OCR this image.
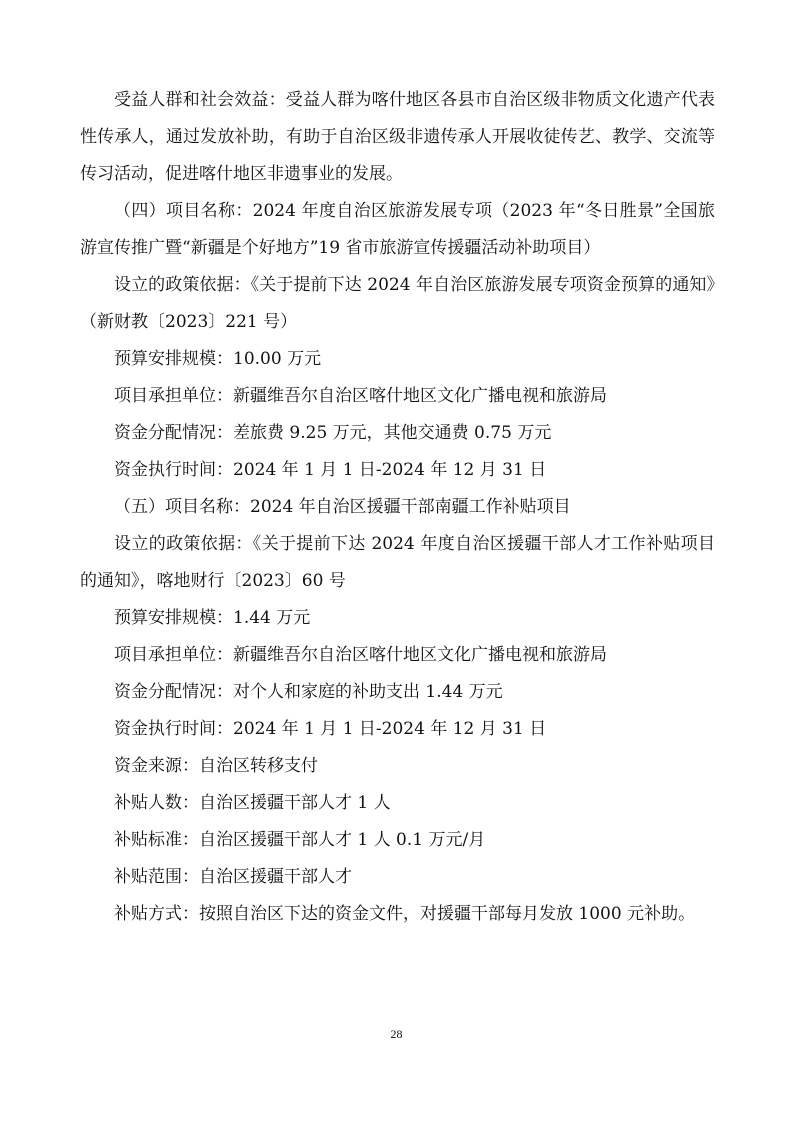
受益人群和社会效益：受益人群为喀什地区各县市自治区级非物质文化遗产代表性传承人，通过发放补助，有助于自治区级非遗传承人开展收徒传艺、教学、交流等传习活动，促进喀什地区非遗事业的发展。

（四）项目名称：2024 年度自治区旅游发展专项（2023 年“冬日胜景”全国旅游宣传推广暨“新疆是个好地方”19 省市旅游宣传援疆活动补助项目）

设立的政策依据：《关于提前下达 2024 年自治区旅游发展专项资金预算的通知》（新财教〔2023〕221 号）

预算安排规模：10.00 万元

项目承担单位：新疆维吾尔自治区喀什地区文化广播电视和旅游局

资金分配情况：差旅费 9.25 万元，其他交通费 0.75 万元

资金执行时间：2024 年 1 月 1 日-2024 年 12 月 31 日

（五）项目名称：2024 年自治区援疆干部南疆工作补贴项目

设立的政策依据：《关于提前下达 2024 年度自治区援疆干部人才工作补贴项目的通知》，喀地财行〔2023〕60 号

预算安排规模：1.44 万元

项目承担单位：新疆维吾尔自治区喀什地区文化广播电视和旅游局

资金分配情况：对个人和家庭的补助支出 1.44 万元

资金执行时间：2024 年 1 月 1 日-2024 年 12 月 31 日

资金来源：自治区转移支付

补贴人数：自治区援疆干部人才 1 人

补贴标准：自治区援疆干部人才 1 人 0.1 万元/月

补贴范围：自治区援疆干部人才

补贴方式：按照自治区下达的资金文件，对援疆干部每月发放 1000 元补助。

28
